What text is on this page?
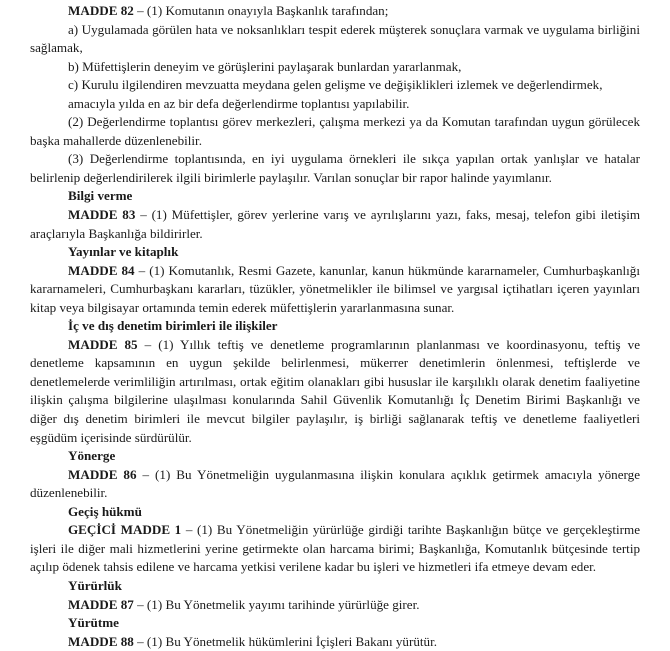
MADDE 82 – (1) Komutanın onayıyla Başkanlık tarafından;

a) Uygulamada görülen hata ve noksanlıkları tespit ederek müşterek sonuçlara varmak ve uygulama birliğini sağlamak,

b) Müfettişlerin deneyim ve görüşlerini paylaşarak bunlardan yararlanmak,

c) Kurulu ilgilendiren mevzuatta meydana gelen gelişme ve değişiklikleri izlemek ve değerlendirmek,

amacıyla yılda en az bir defa değerlendirme toplantısı yapılabilir.

(2) Değerlendirme toplantısı görev merkezleri, çalışma merkezi ya da Komutan tarafından uygun görülecek başka mahallerde düzenlenebilir.

(3) Değerlendirme toplantısında, en iyi uygulama örnekleri ile sıkça yapılan ortak yanlışlar ve hatalar belirlenip değerlendirilerek ilgili birimlerle paylaşılır. Varılan sonuçlar bir rapor halinde yayımlanır.

Bilgi verme

MADDE 83 – (1) Müfettişler, görev yerlerine varış ve ayrılışlarını yazı, faks, mesaj, telefon gibi iletişim araçlarıyla Başkanlığa bildirirler.

Yayınlar ve kitaplık

MADDE 84 – (1) Komutanlık, Resmi Gazete, kanunlar, kanun hükmünde kararnameler, Cumhurbaşkanlığı kararnameleri, Cumhurbaşkanı kararları, tüzükler, yönetmelikler ile bilimsel ve yargısal içtihatları içeren yayınları kitap veya bilgisayar ortamında temin ederek müfettişlerin yararlanmasına sunar.

İç ve dış denetim birimleri ile ilişkiler

MADDE 85 – (1) Yıllık teftiş ve denetleme programlarının planlanması ve koordinasyonu, teftiş ve denetleme kapsamının en uygun şekilde belirlenmesi, mükerrer denetimlerin önlenmesi, teftişlerde ve denetlemelerde verimliliğin artırılması, ortak eğitim olanakları gibi hususlar ile karşılıklı olarak denetim faaliyetine ilişkin çalışma bilgilerine ulaşılması konularında Sahil Güvenlik Komutanlığı İç Denetim Birimi Başkanlığı ve diğer dış denetim birimleri ile mevcut bilgiler paylaşılır, iş birliği sağlanarak teftiş ve denetleme faaliyetleri eşgüdüm içerisinde sürdürülür.

Yönerge

MADDE 86 – (1) Bu Yönetmeliğin uygulanmasına ilişkin konulara açıklık getirmek amacıyla yönerge düzenlenebilir.

Geçiş hükmü

GEÇİCİ MADDE 1 – (1) Bu Yönetmeliğin yürürlüğe girdiği tarihte Başkanlığın bütçe ve gerçekleştirme işleri ile diğer mali hizmetlerini yerine getirmekte olan harcama birimi; Başkanlığa, Komutanlık bütçesinde tertip açılıp ödenek tahsis edilene ve harcama yetkisi verilene kadar bu işleri ve hizmetleri ifa etmeye devam eder.

Yürürlük

MADDE 87 – (1) Bu Yönetmelik yayımı tarihinde yürürlüğe girer.

Yürütme

MADDE 88 – (1) Bu Yönetmelik hükümlerini İçişleri Bakanı yürütür.
